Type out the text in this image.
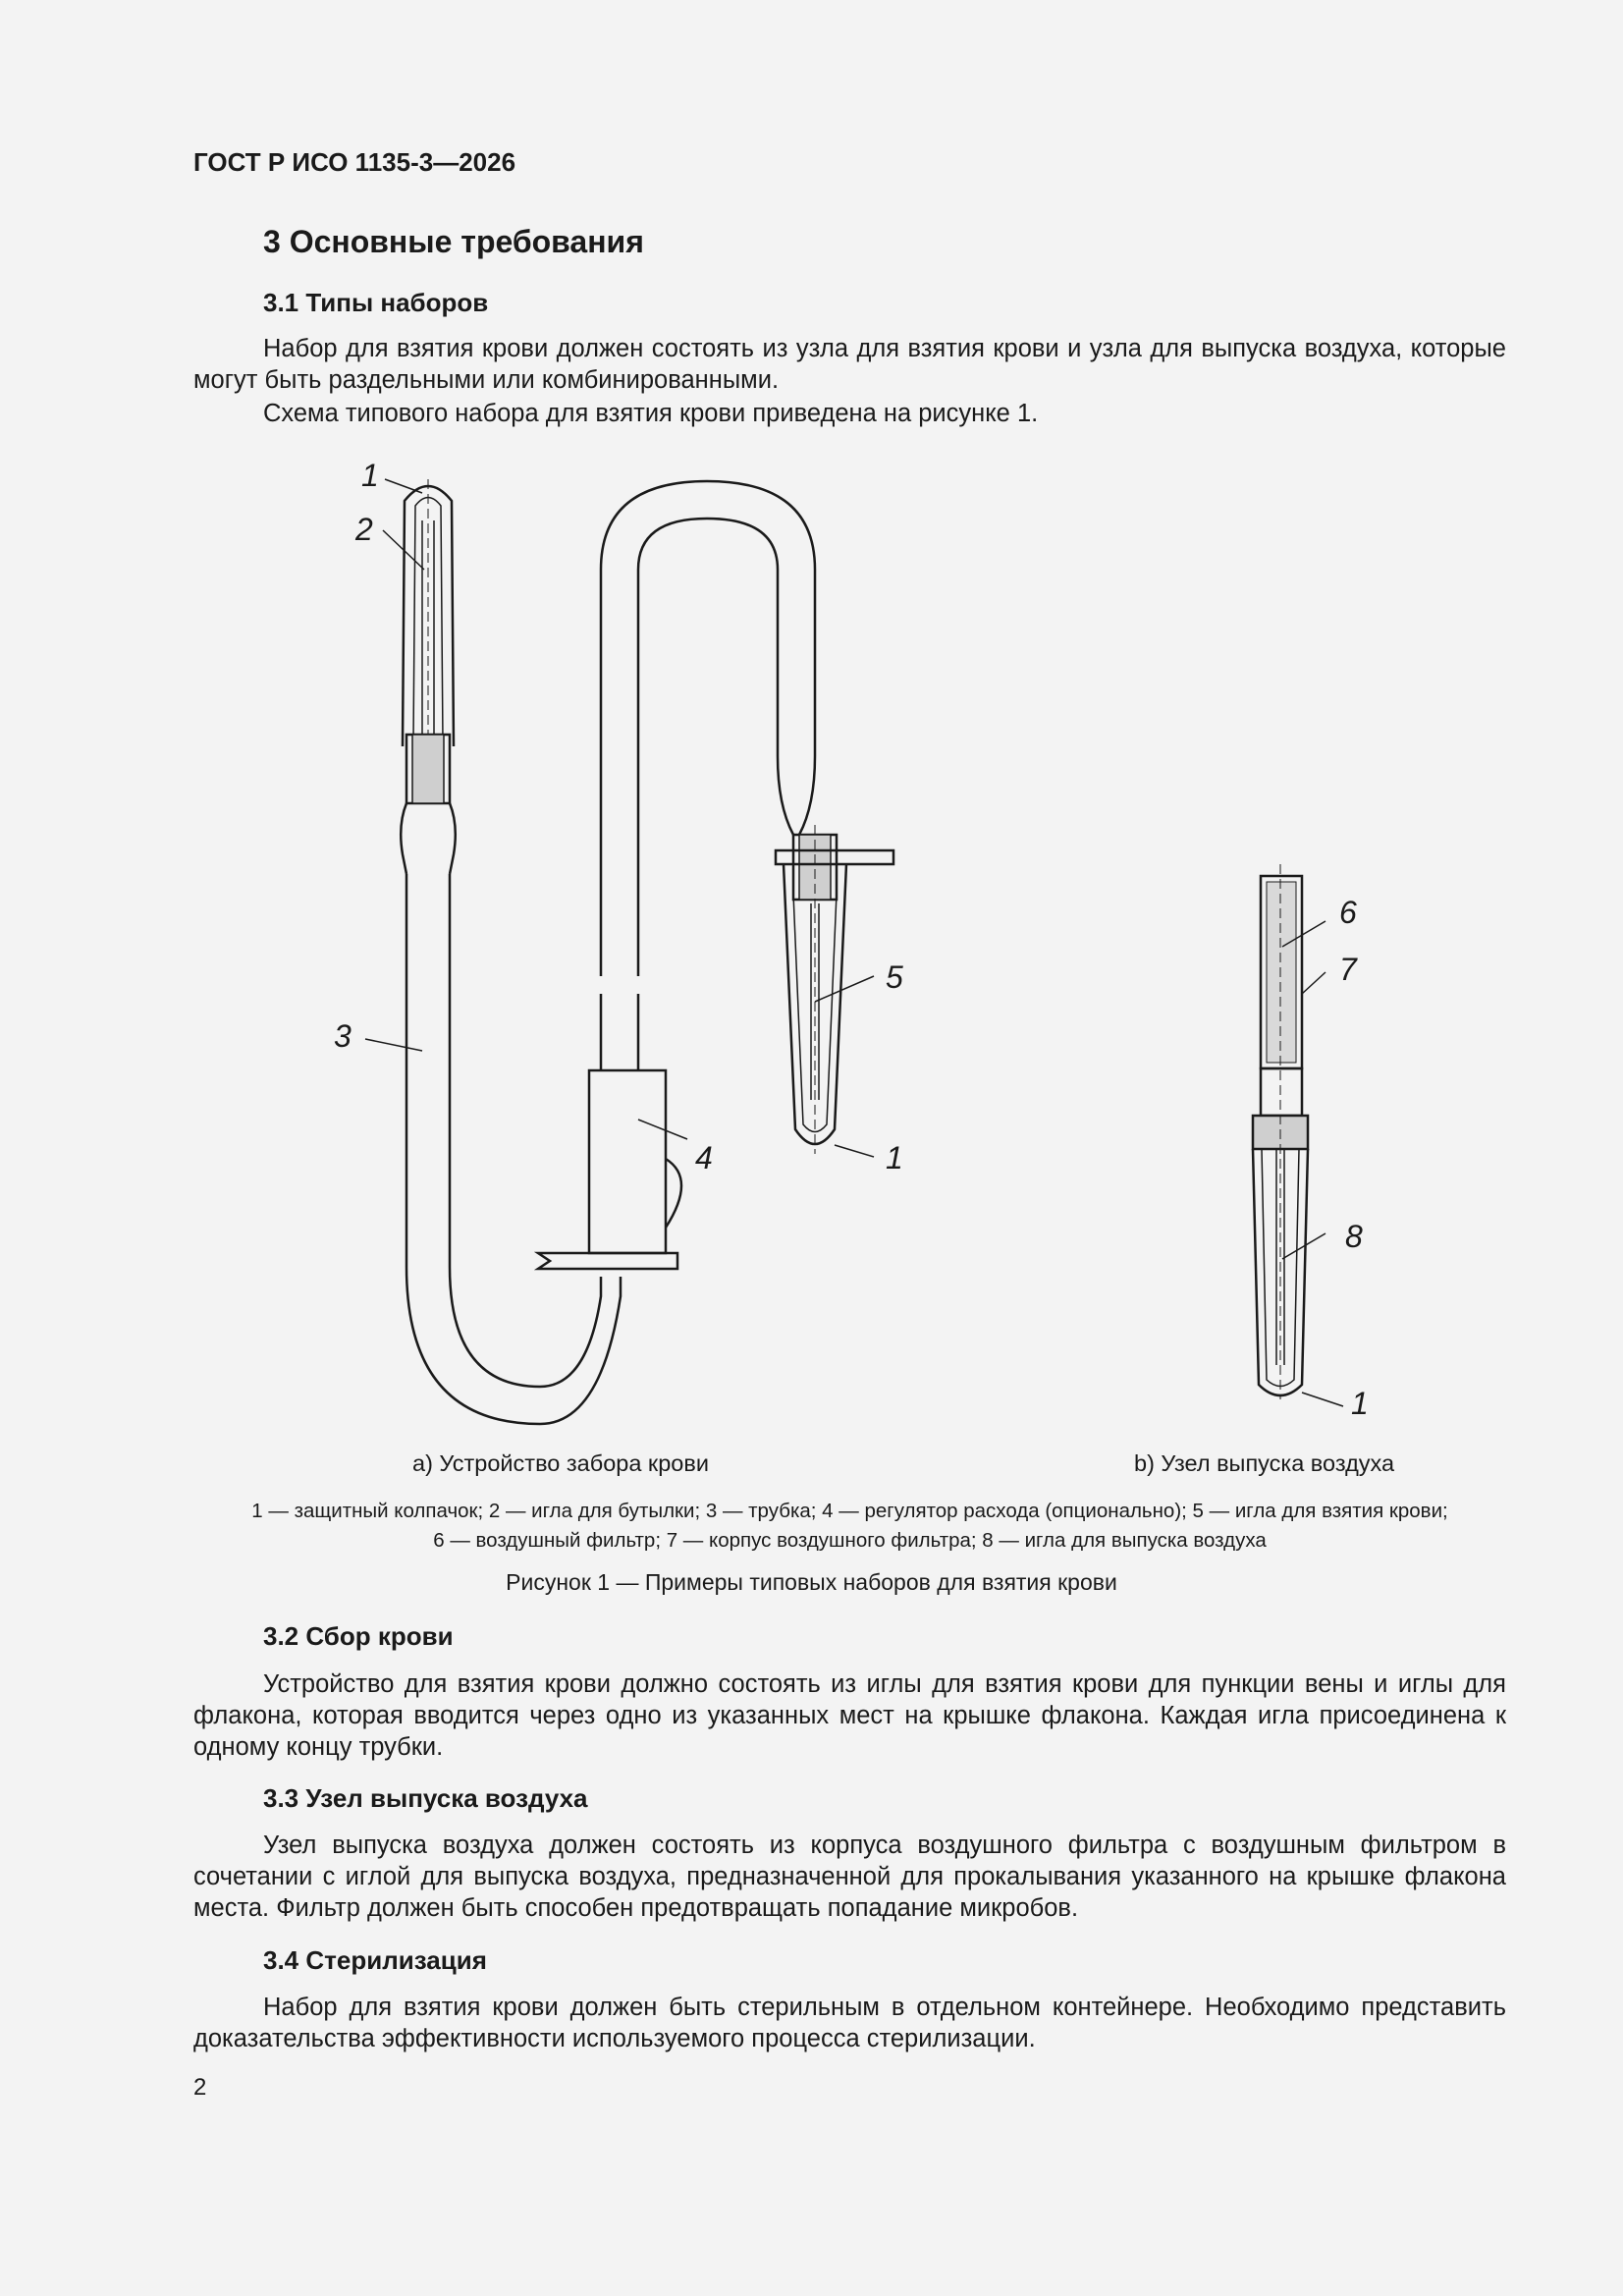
ГОСТ Р ИСО 1135-3—2026
3 Основные требования
3.1 Типы наборов

Набор для взятия крови должен состоять из узла для взятия крови и узла для выпуска воздуха, которые могут быть раздельными или комбинированными.

Схема типового набора для взятия крови приведена на рисунке 1.
1
2
3
4
5
1
6
7
8
1
a) Устройство забора крови	b) Узел выпуска воздуха
1 — защитный колпачок; 2 — игла для бутылки; 3 — трубка; 4 — регулятор расхода (опционально); 5 — игла для взятия крови;
6 — воздушный фильтр; 7 — корпус воздушного фильтра; 8 — игла для выпуска воздуха
Рисунок 1 — Примеры типовых наборов для взятия крови
3.2 Сбор крови

Устройство для взятия крови должно состоять из иглы для взятия крови для пункции вены и иглы для флакона, которая вводится через одно из указанных мест на крышке флакона. Каждая игла присоединена к одному концу трубки.

3.3 Узел выпуска воздуха

Узел выпуска воздуха должен состоять из корпуса воздушного фильтра с воздушным фильтром в сочетании с иглой для выпуска воздуха, предназначенной для прокалывания указанного на крышке флакона места. Фильтр должен быть способен предотвращать попадание микробов.

3.4 Стерилизация

Набор для взятия крови должен быть стерильным в отдельном контейнере. Необходимо представить доказательства эффективности используемого процесса стерилизации.

2
